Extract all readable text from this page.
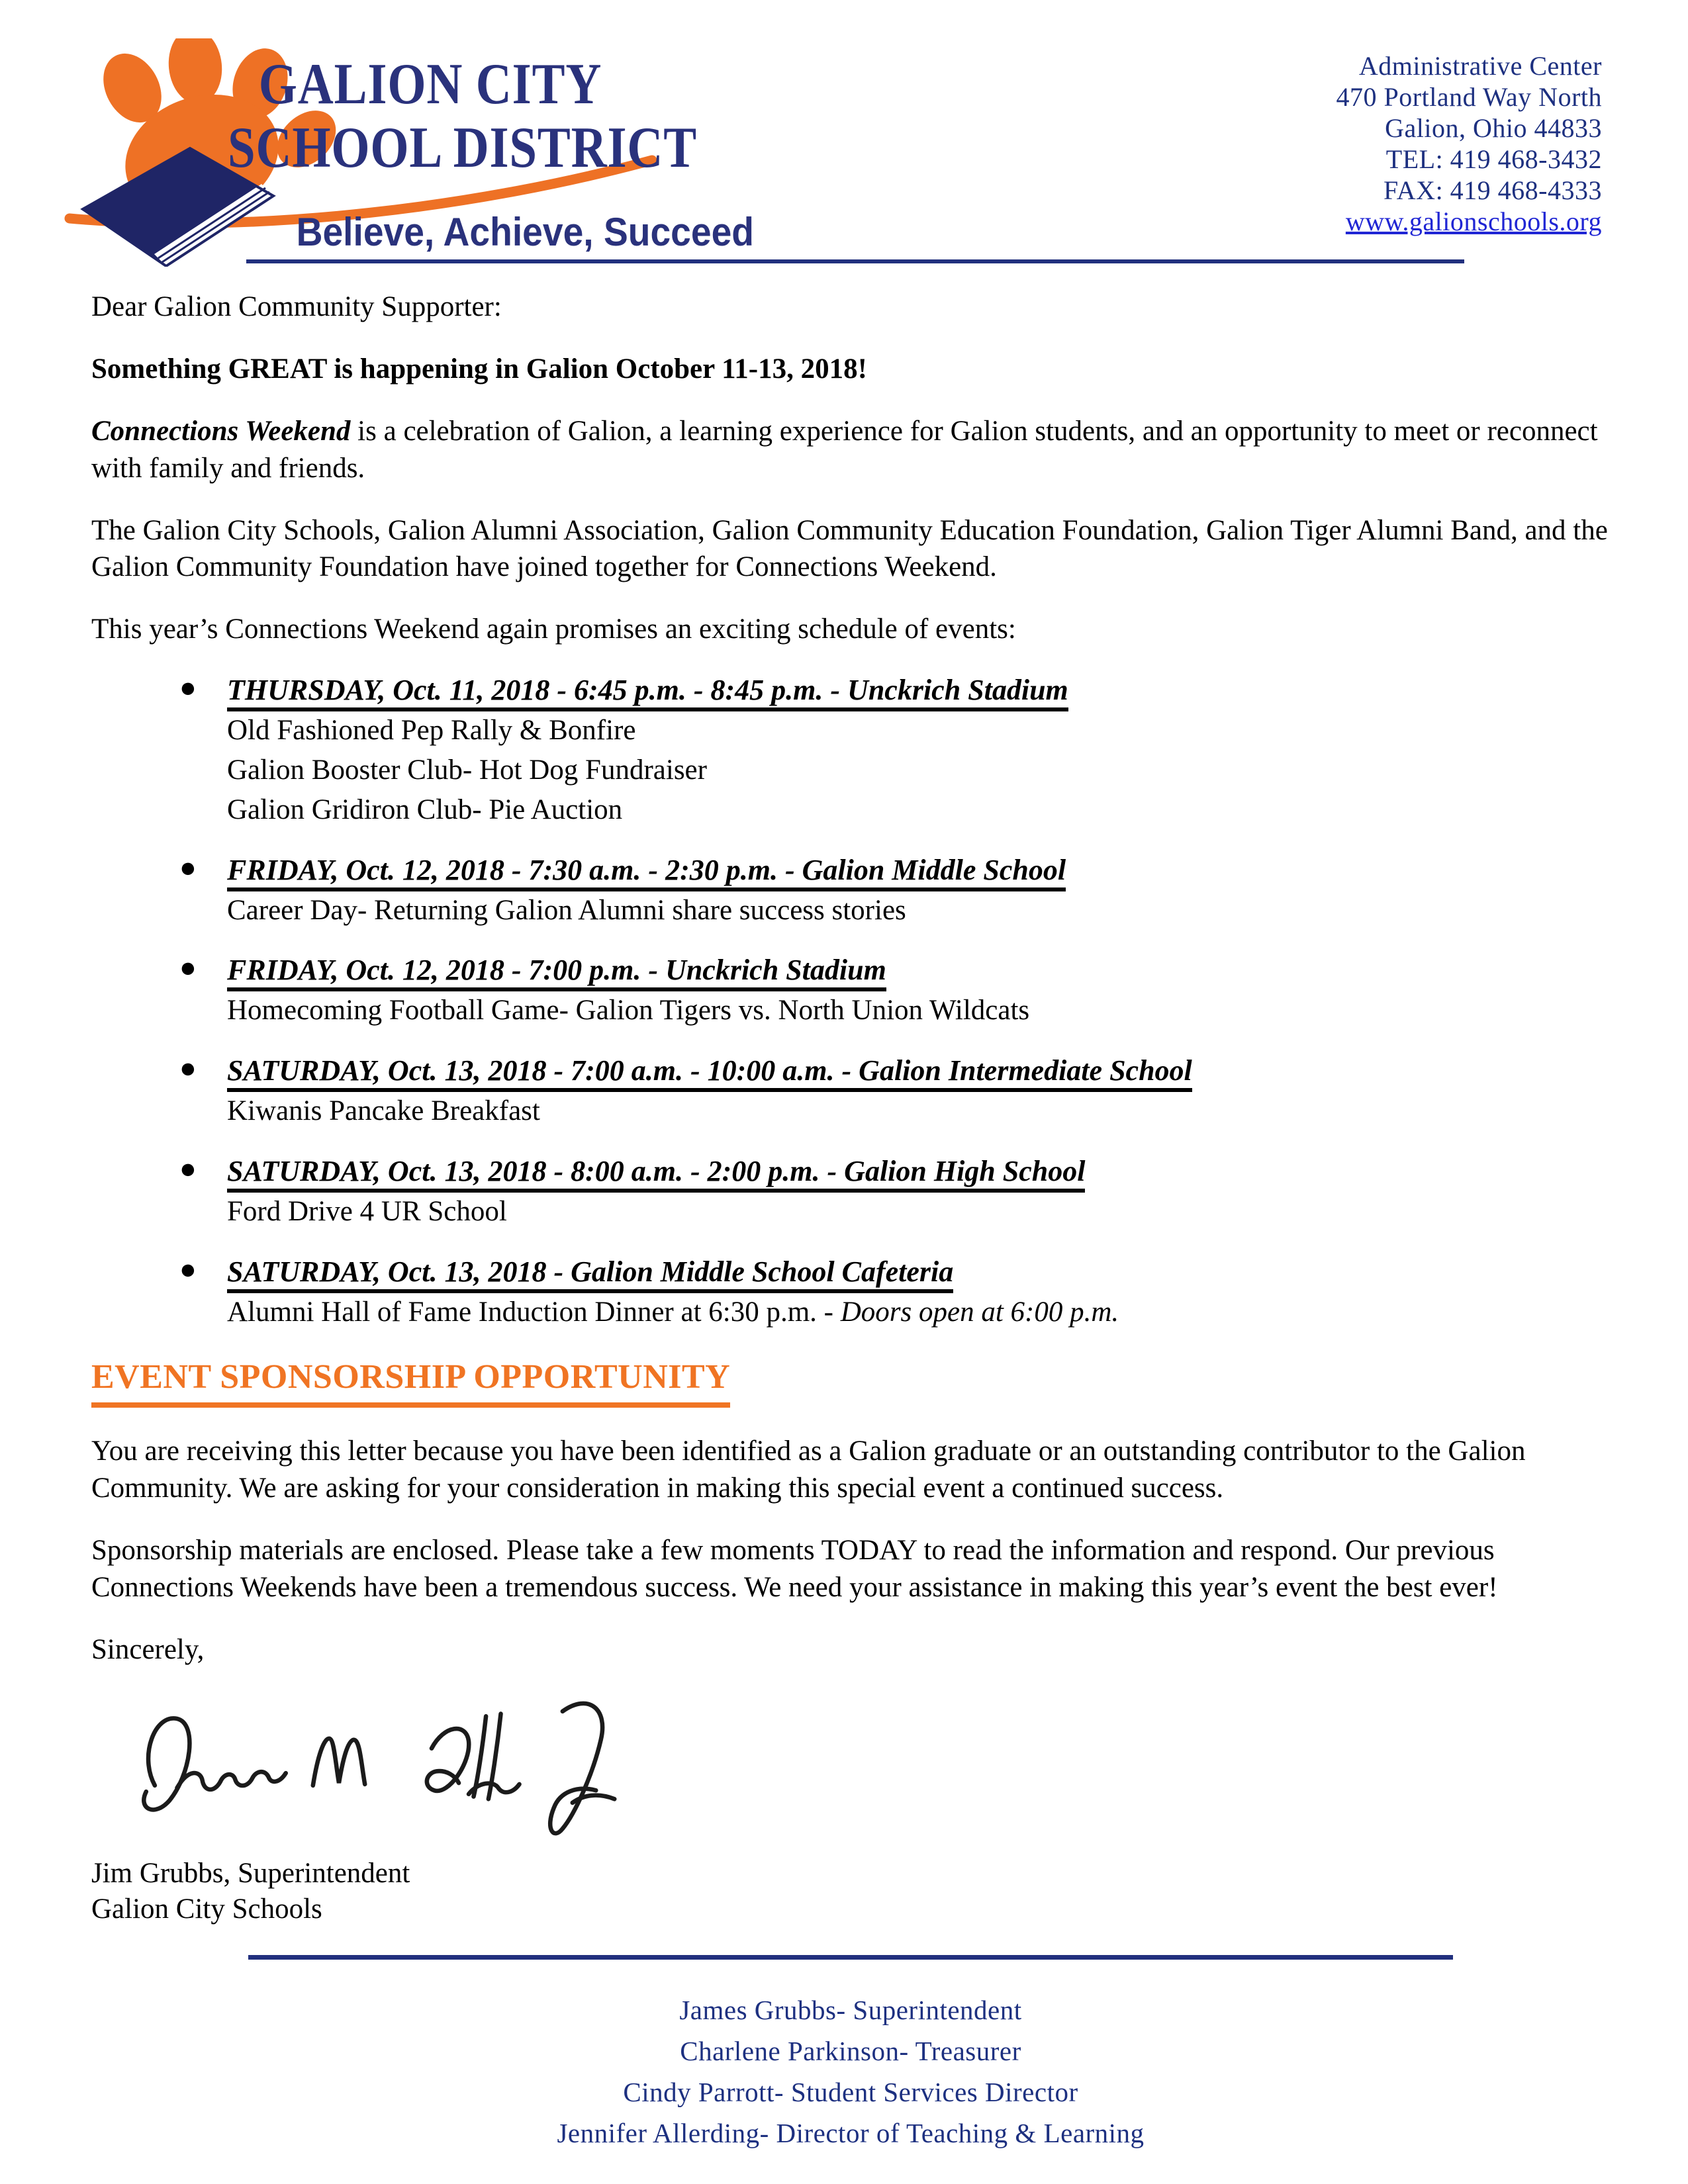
GALION CITY
SCHOOL DISTRICT
Believe, Achieve, Succeed
Administrative Center
470 Portland Way North
Galion, Ohio 44833
TEL: 419 468-3432
FAX: 419 468-4333
www.galionschools.org

Dear Galion Community Supporter:

Something GREAT is happening in Galion October 11-13, 2018!

Connections Weekend is a celebration of Galion, a learning experience for Galion students, and an opportunity to meet or reconnect with family and friends.

The Galion City Schools, Galion Alumni Association, Galion Community Education Foundation, Galion Tiger Alumni Band, and the Galion Community Foundation have joined together for Connections Weekend.

This year’s Connections Weekend again promises an exciting schedule of events:

● THURSDAY, Oct. 11, 2018 - 6:45 p.m. - 8:45 p.m. - Unckrich Stadium
Old Fashioned Pep Rally & Bonfire
Galion Booster Club- Hot Dog Fundraiser
Galion Gridiron Club- Pie Auction
● FRIDAY, Oct. 12, 2018 - 7:30 a.m. - 2:30 p.m. - Galion Middle School
Career Day- Returning Galion Alumni share success stories
● FRIDAY, Oct. 12, 2018 - 7:00 p.m. - Unckrich Stadium
Homecoming Football Game- Galion Tigers vs. North Union Wildcats
● SATURDAY, Oct. 13, 2018 - 7:00 a.m. - 10:00 a.m. - Galion Intermediate School
Kiwanis Pancake Breakfast
● SATURDAY, Oct. 13, 2018 - 8:00 a.m. - 2:00 p.m. - Galion High School
Ford Drive 4 UR School
● SATURDAY, Oct. 13, 2018 - Galion Middle School Cafeteria
Alumni Hall of Fame Induction Dinner at 6:30 p.m. - Doors open at 6:00 p.m.
EVENT SPONSORSHIP OPPORTUNITY

You are receiving this letter because you have been identified as a Galion graduate or an outstanding contributor to the Galion Community. We are asking for your consideration in making this special event a continued success.

Sponsorship materials are enclosed. Please take a few moments TODAY to read the information and respond. Our previous Connections Weekends have been a tremendous success. We need your assistance in making this year’s event the best ever!

Sincerely,

Jim Grubbs, Superintendent

Galion City Schools

James Grubbs- Superintendent
Charlene Parkinson- Treasurer
Cindy Parrott- Student Services Director
Jennifer Allerding- Director of Teaching & Learning
